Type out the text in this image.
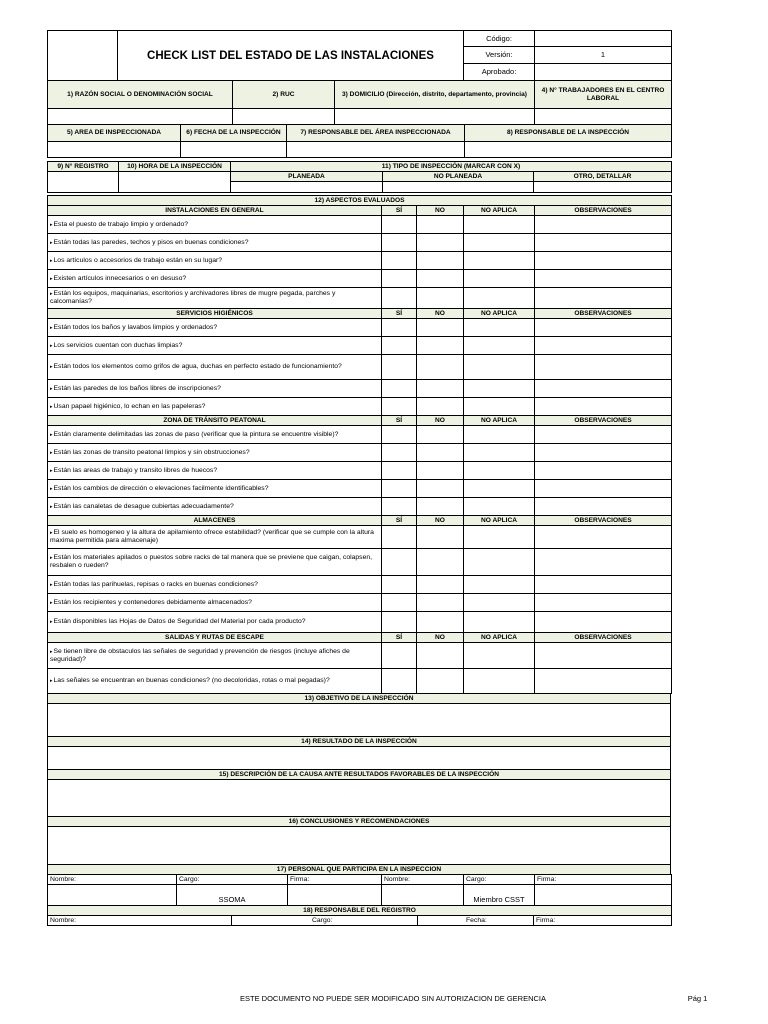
	CHECK LIST DEL ESTADO DE LAS INSTALACIONES	Código:	
		Versión:	1
		Aprobado:	
1) RAZÓN SOCIAL O DENOMINACIÓN SOCIAL	2) RUC	3) DOMICILIO (Dirección, distrito, departamento, provincia)	4) N° TRABAJADORES EN EL CENTRO LABORAL

5) AREA DE INSPECCIONADA	6) FECHA DE LA INSPECCIÓN	7) RESPONSABLE DEL ÁREA INSPECCIONADA	8) RESPONSABLE DE LA INSPECCIÓN

9) N° REGISTRO	10) HORA DE LA INSPECCIÓN	11) TIPO DE INSPECCIÓN (MARCAR CON X)		
		PLANEADA	NO PLANEADA	OTRO, DETALLAR

12) ASPECTOS EVALUADOS				
INSTALACIONES EN GENERAL	SÍ	NO	NO APLICA	OBSERVACIONES
▸ Esta el puesto de trabajo limpio y ordenado?				
▸ Están todas las paredes, techos y pisos en buenas condiciones?				
▸ Los artículos o accesorios de trabajo están en su lugar?				
▸ Existen artículos innecesarios o en desuso?				
▸ Están los equipos, maquinarias, escritorios y archivadores libres de mugre pegada, parches y calcomanías?				
SERVICIOS HIGIÉNICOS	SÍ	NO	NO APLICA	OBSERVACIONES
▸ Están todos los baños y lavabos limpios y ordenados?				
▸ Los servicios cuentan con duchas limpias?				
▸ Están todos los elementos como grifos de agua, duchas en perfecto estado de funcionamiento?				
▸ Están las paredes de los baños libres de inscripciones?				
▸ Usan papael higiénico, lo echan en las papeleras?				
ZONA DE TRÁNSITO PEATONAL	SÍ	NO	NO APLICA	OBSERVACIONES
▸ Están claramente delimitadas las zonas de paso (verificar que la pintura se encuentre visible)?				
▸ Están las zonas de transito peatonal limpios y sin obstrucciones?				
▸ Están las areas de trabajo y transito libres de huecos?				
▸ Están los cambios de dirección o elevaciones facilmente identificables?				
▸ Están las canaletas de desague cubiertas adecuadamente?				
ALMACENES	SÍ	NO	NO APLICA	OBSERVACIONES
▸ El suelo es homogeneo y la altura de apilamiento ofrece estabilidad? (verificar que se cumple con la altura maxima permitida para almacenaje)				
▸ Están los materiales apilados o puestos sobre racks de tal manera que se previene que caigan, colapsen, resbalen o rueden?				
▸ Están todas las parihuelas, repisas o racks en buenas condiciones?				
▸ Están los recipientes y contenedores debidamente almacenados?				
▸ Están disponibles las Hojas de Datos de Seguridad del Material por cada producto?				
SALIDAS Y RUTAS DE ESCAPE	SÍ	NO	NO APLICA	OBSERVACIONES
▸ Se tienen libre de obstaculos las señales de seguridad y prevención de riesgos (incluye afiches de seguridad)?				
▸ Las señales se encuentran en buenas condiciones? (no decoloridas, rotas o mal pegadas)?				
13) OBJETIVO DE LA INSPECCIÓN

14) RESULTADO DE LA INSPECCIÓN

15) DESCRIPCIÓN DE LA CAUSA ANTE RESULTADOS FAVORABLES DE LA INSPECCIÓN

16) CONCLUSIONES Y RECOMENDACIONES

17) PERSONAL QUE PARTICIPA EN LA INSPECCION
Nombre:	Cargo:	Firma:	Nombre:	Cargo:	Firma:
	SSOMA			Miembro CSST	
18) RESPONSABLE DEL REGISTRO
Nombre:	Cargo:	Fecha:	Firma:
ESTE DOCUMENTO NO PUEDE SER MODIFICADO SIN AUTORIZACION DE GERENCIA	Pág 1
